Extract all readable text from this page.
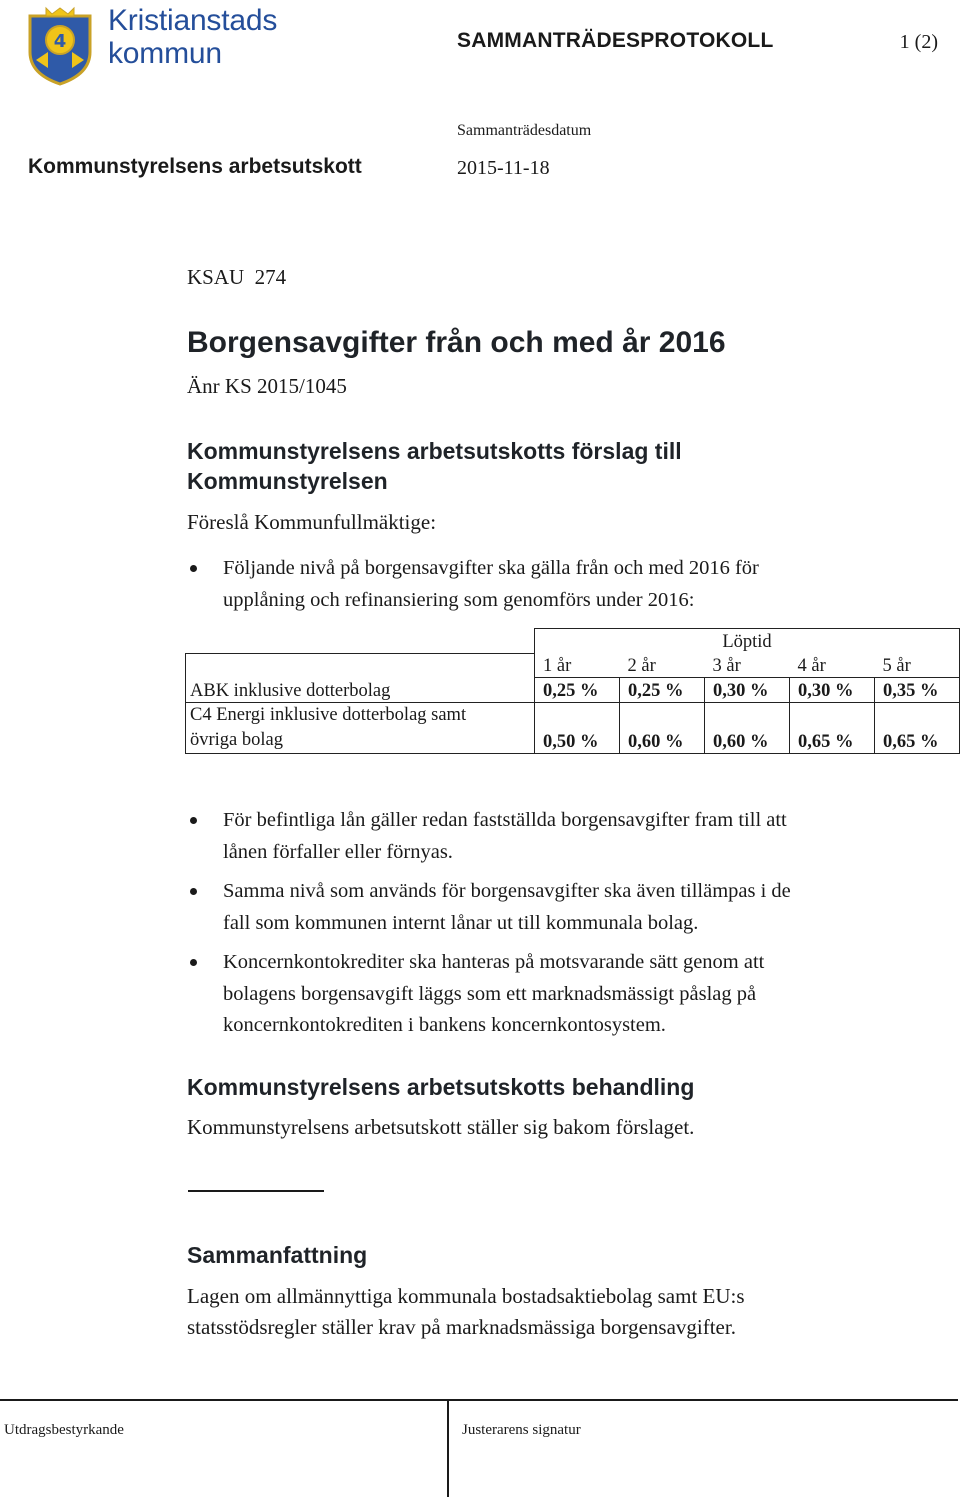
4
Kristianstads
kommun	SAMMANTRÄDESPROTOKOLL	1 (2)
Sammanträdesdatum
Kommunstyrelsens arbetsutskott	2015-11-18
KSAU  274
Borgensavgifter från och med år 2016
Änr KS 2015/1045
Kommunstyrelsens arbetsutskotts förslag till
Kommunstyrelsen
Föreslå Kommunfullmäktige:
Följande nivå på borgensavgifter ska gälla från och med 2016 för
upplåning och refinansiering som genomförs under 2016:
	Löptid				
	1 år	2 år	3 år	4 år	5 år
ABK inklusive dotterbolag	0,25 %	0,25 %	0,30 %	0,30 %	0,35 %

C4 Energi inklusive dotterbolag samt
övriga bolag	0,50 %	0,60 %	0,60 %	0,65 %	0,65 %
För befintliga lån gäller redan fastställda borgensavgifter fram till att
lånen förfaller eller förnyas.
Samma nivå som används för borgensavgifter ska även tillämpas i de
fall som kommunen internt lånar ut till kommunala bolag.
Koncernkontokrediter ska hanteras på motsvarande sätt genom att
bolagens borgensavgift läggs som ett marknadsmässigt påslag på
koncernkontokrediten i bankens koncernkontosystem.
Kommunstyrelsens arbetsutskotts behandling
Kommunstyrelsens arbetsutskott ställer sig bakom förslaget.
Sammanfattning
Lagen om allmännyttiga kommunala bostadsaktiebolag samt EU:s
statsstödsregler ställer krav på marknadsmässiga borgensavgifter.
Utdragsbestyrkande	Justerarens signatur
